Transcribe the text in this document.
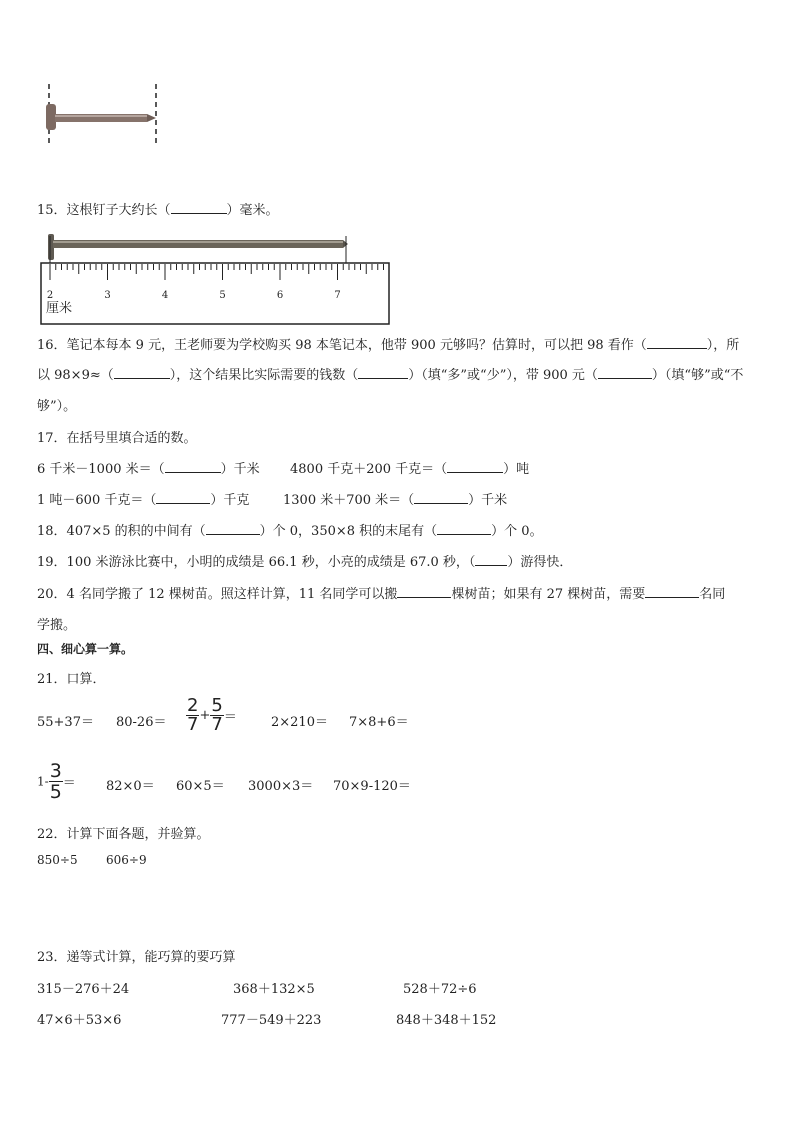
15．这根钉子大约长（	）毫米。
2	3	4	5	6	7
厘米
16．笔记本每本 9 元，王老师要为学校购买 98 本笔记本，他带 900 元够吗？估算时，可以把 98 看作（	），所
以 98×9≈（	），这个结果比实际需要的钱数（	）（填“多”或“少”），带 900 元（	）（填“够”或“不
够”）。
17．在括号里填合适的数。
6 千米－1000 米＝（	）千米 4800 千克＋200 千克＝（	）吨
1 吨－600 千克＝（	）千克	1300 米＋700 米＝（	）千米
18．407×5 的积的中间有（	）个 0，350×8 积的末尾有（	）个 0。
19．100 米游泳比赛中，小明的成绩是 66.1 秒，小亮的成绩是 67.0 秒，（ ）游得快．
20．4 名同学搬了 12 棵树苗。照这样计算，11 名同学可以搬	棵树苗；如果有 27 棵树苗，需要	名同
学搬。
四、细心算一算。
21．口算．
$55+37= 80-26= \frac{2}{7} + \frac{5}{7}$ ＝	2×210＝ 7×8+6＝
$1- \frac{3}{5} = 82\times 0= 60\times 5= 3000\times 3= 70\times 9-120=$
22．计算下面各题，并验算。
850÷5 606÷9
23．递等式计算，能巧算的要巧算
315－276＋24	368＋132×5	528＋72÷6
47×6＋53×6	777－549＋223	848＋348＋152
